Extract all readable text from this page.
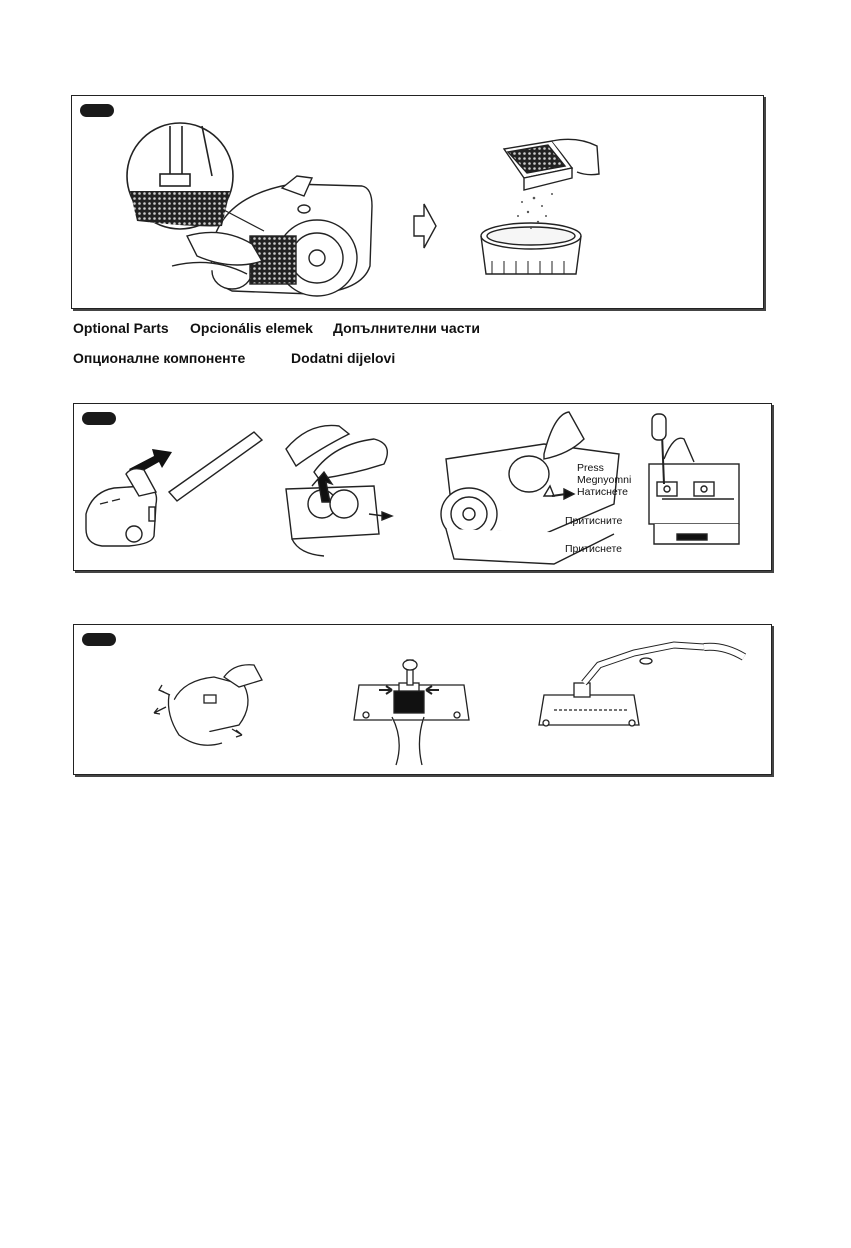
Optional Parts Opcionális elemek Допълнителни части
Опционалне компоненте	Dodatni dijelovi
Press
Megnyomni
Натиснете
Притисните
Притиснете
